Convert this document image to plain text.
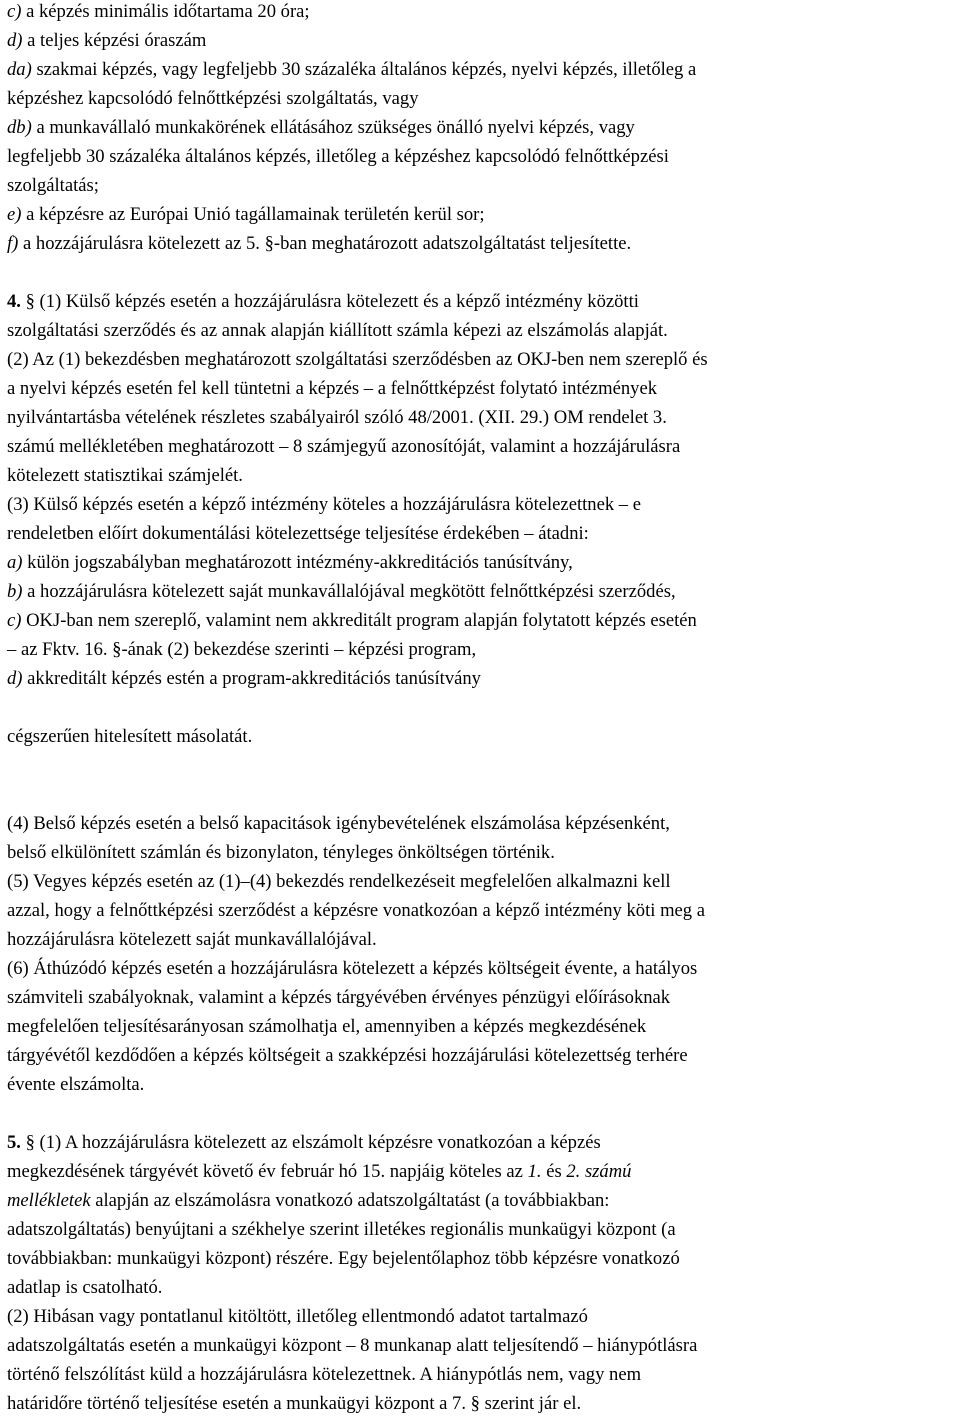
c) a képzés minimális időtartama 20 óra;
d) a teljes képzési óraszám
da) szakmai képzés, vagy legfeljebb 30 százaléka általános képzés, nyelvi képzés, illetőleg a
képzéshez kapcsolódó felnőttképzési szolgáltatás, vagy
db) a munkavállaló munkakörének ellátásához szükséges önálló nyelvi képzés, vagy
legfeljebb 30 százaléka általános képzés, illetőleg a képzéshez kapcsolódó felnőttképzési
szolgáltatás;
e) a képzésre az Európai Unió tagállamainak területén kerül sor;
f) a hozzájárulásra kötelezett az 5. §-ban meghatározott adatszolgáltatást teljesítette.
4. § (1) Külső képzés esetén a hozzájárulásra kötelezett és a képző intézmény közötti
szolgáltatási szerződés és az annak alapján kiállított számla képezi az elszámolás alapját.
(2) Az (1) bekezdésben meghatározott szolgáltatási szerződésben az OKJ-ben nem szereplő és
a nyelvi képzés esetén fel kell tüntetni a képzés – a felnőttképzést folytató intézmények
nyilvántartásba vételének részletes szabályairól szóló 48/2001. (XII. 29.) OM rendelet 3.
számú mellékletében meghatározott – 8 számjegyű azonosítóját, valamint a hozzájárulásra
kötelezett statisztikai számjelét.
(3) Külső képzés esetén a képző intézmény köteles a hozzájárulásra kötelezettnek – e
rendeletben előírt dokumentálási kötelezettsége teljesítése érdekében – átadni:
a) külön jogszabályban meghatározott intézmény-akkreditációs tanúsítvány,
b) a hozzájárulásra kötelezett saját munkavállalójával megkötött felnőttképzési szerződés,
c) OKJ-ban nem szereplő, valamint nem akkreditált program alapján folytatott képzés esetén
– az Fktv. 16. §-ának (2) bekezdése szerinti – képzési program,
d) akkreditált képzés estén a program-akkreditációs tanúsítvány
cégszerűen hitelesített másolatát.
(4) Belső képzés esetén a belső kapacitások igénybevételének elszámolása képzésenként,
belső elkülönített számlán és bizonylaton, tényleges önköltségen történik.
(5) Vegyes képzés esetén az (1)–(4) bekezdés rendelkezéseit megfelelően alkalmazni kell
azzal, hogy a felnőttképzési szerződést a képzésre vonatkozóan a képző intézmény köti meg a
hozzájárulásra kötelezett saját munkavállalójával.
(6) Áthúzódó képzés esetén a hozzájárulásra kötelezett a képzés költségeit évente, a hatályos
számviteli szabályoknak, valamint a képzés tárgyévében érvényes pénzügyi előírásoknak
megfelelően teljesítésarányosan számolhatja el, amennyiben a képzés megkezdésének
tárgyévétől kezdődően a képzés költségeit a szakképzési hozzájárulási kötelezettség terhére
évente elszámolta.
5. § (1) A hozzájárulásra kötelezett az elszámolt képzésre vonatkozóan a képzés
megkezdésének tárgyévét követő év február hó 15. napjáig köteles az 1. és 2. számú
mellékletek alapján az elszámolásra vonatkozó adatszolgáltatást (a továbbiakban:
adatszolgáltatás) benyújtani a székhelye szerint illetékes regionális munkaügyi központ (a
továbbiakban: munkaügyi központ) részére. Egy bejelentőlaphoz több képzésre vonatkozó
adatlap is csatolható.
(2) Hibásan vagy pontatlanul kitöltött, illetőleg ellentmondó adatot tartalmazó
adatszolgáltatás esetén a munkaügyi központ – 8 munkanap alatt teljesítendő – hiánypótlásra
történő felszólítást küld a hozzájárulásra kötelezettnek. A hiánypótlás nem, vagy nem
határidőre történő teljesítése esetén a munkaügyi központ a 7. § szerint jár el.
